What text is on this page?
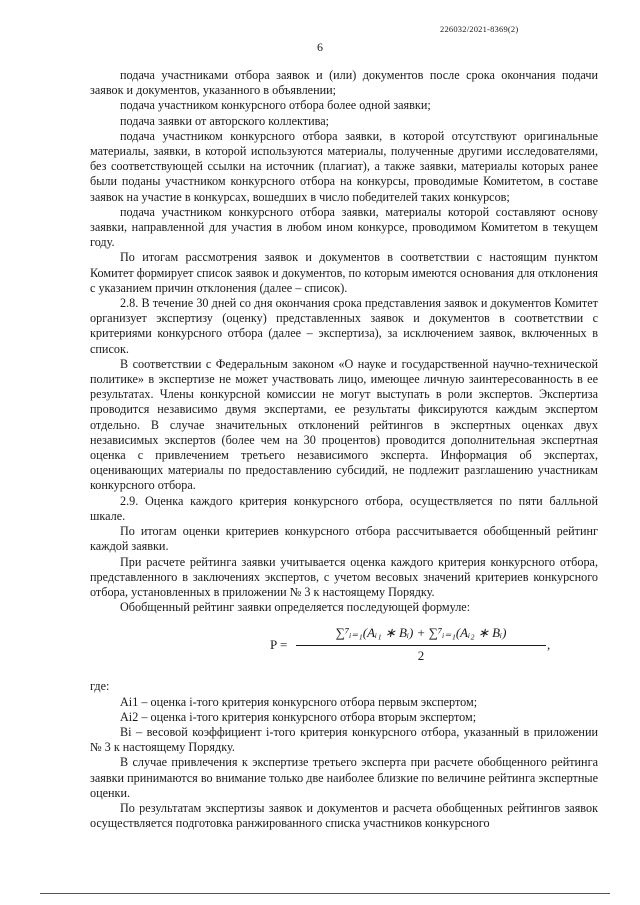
226032/2021-8369(2)
6

подача участниками отбора заявок и (или) документов после срока окончания подачи заявок и документов, указанного в объявлении;

подача участником конкурсного отбора более одной заявки;

подача заявки от авторского коллектива;

подача участником конкурсного отбора заявки, в которой отсутствуют оригинальные материалы, заявки, в которой используются материалы, полученные другими исследователями, без соответствующей ссылки на источник (плагиат), а также заявки, материалы которых ранее были поданы участником конкурсного отбора на конкурсы, проводимые Комитетом, в составе заявок на участие в конкурсах, вошедших в число победителей таких конкурсов;

подача участником конкурсного отбора заявки, материалы которой составляют основу заявки, направленной для участия в любом ином конкурсе, проводимом Комитетом в текущем году.

По итогам рассмотрения заявок и документов в соответствии с настоящим пунктом Комитет формирует список заявок и документов, по которым имеются основания для отклонения с указанием причин отклонения (далее – список).

2.8. В течение 30 дней со дня окончания срока представления заявок и документов Комитет организует экспертизу (оценку) представленных заявок и документов в соответствии с критериями конкурсного отбора (далее – экспертиза), за исключением заявок, включенных в список.

В соответствии с Федеральным законом «О науке и государственной научно-технической политике» в экспертизе не может участвовать лицо, имеющее личную заинтересованность в ее результатах. Члены конкурсной комиссии не могут выступать в роли экспертов. Экспертиза проводится независимо двумя экспертами, ее результаты фиксируются каждым экспертом отдельно. В случае значительных отклонений рейтингов в экспертных оценках двух независимых экспертов (более чем на 30 процентов) проводится дополнительная экспертная оценка с привлечением третьего независимого эксперта. Информация об экспертах, оценивающих материалы по предоставлению субсидий, не подлежит разглашению участникам конкурсного отбора.

2.9. Оценка каждого критерия конкурсного отбора, осуществляется по пяти балльной шкале.

По итогам оценки критериев конкурсного отбора рассчитывается обобщенный рейтинг каждой заявки.

При расчете рейтинга заявки учитывается оценка каждого критерия конкурсного отбора, представленного в заключениях экспертов, с учетом весовых значений критериев конкурсного отбора, установленных в приложении № 3 к настоящему Порядку.

Обобщенный рейтинг заявки определяется последующей формуле:

P =
∑⁷ᵢ₌₁(Aᵢ₁ ∗ Bᵢ) + ∑⁷ᵢ₌₁(Aᵢ₂ ∗ Bᵢ)
2
,

где:

Ai1 – оценка i-того критерия конкурсного отбора первым экспертом;

Ai2 – оценка i-того критерия конкурсного отбора вторым экспертом;

Bi – весовой коэффициент i-того критерия конкурсного отбора, указанный в приложении № 3 к настоящему Порядку.

В случае привлечения к экспертизе третьего эксперта при расчете обобщенного рейтинга заявки принимаются во внимание только две наиболее близкие по величине рейтинга экспертные оценки.

По результатам экспертизы заявок и документов и расчета обобщенных рейтингов заявок осуществляется подготовка ранжированного списка участников конкурсного
